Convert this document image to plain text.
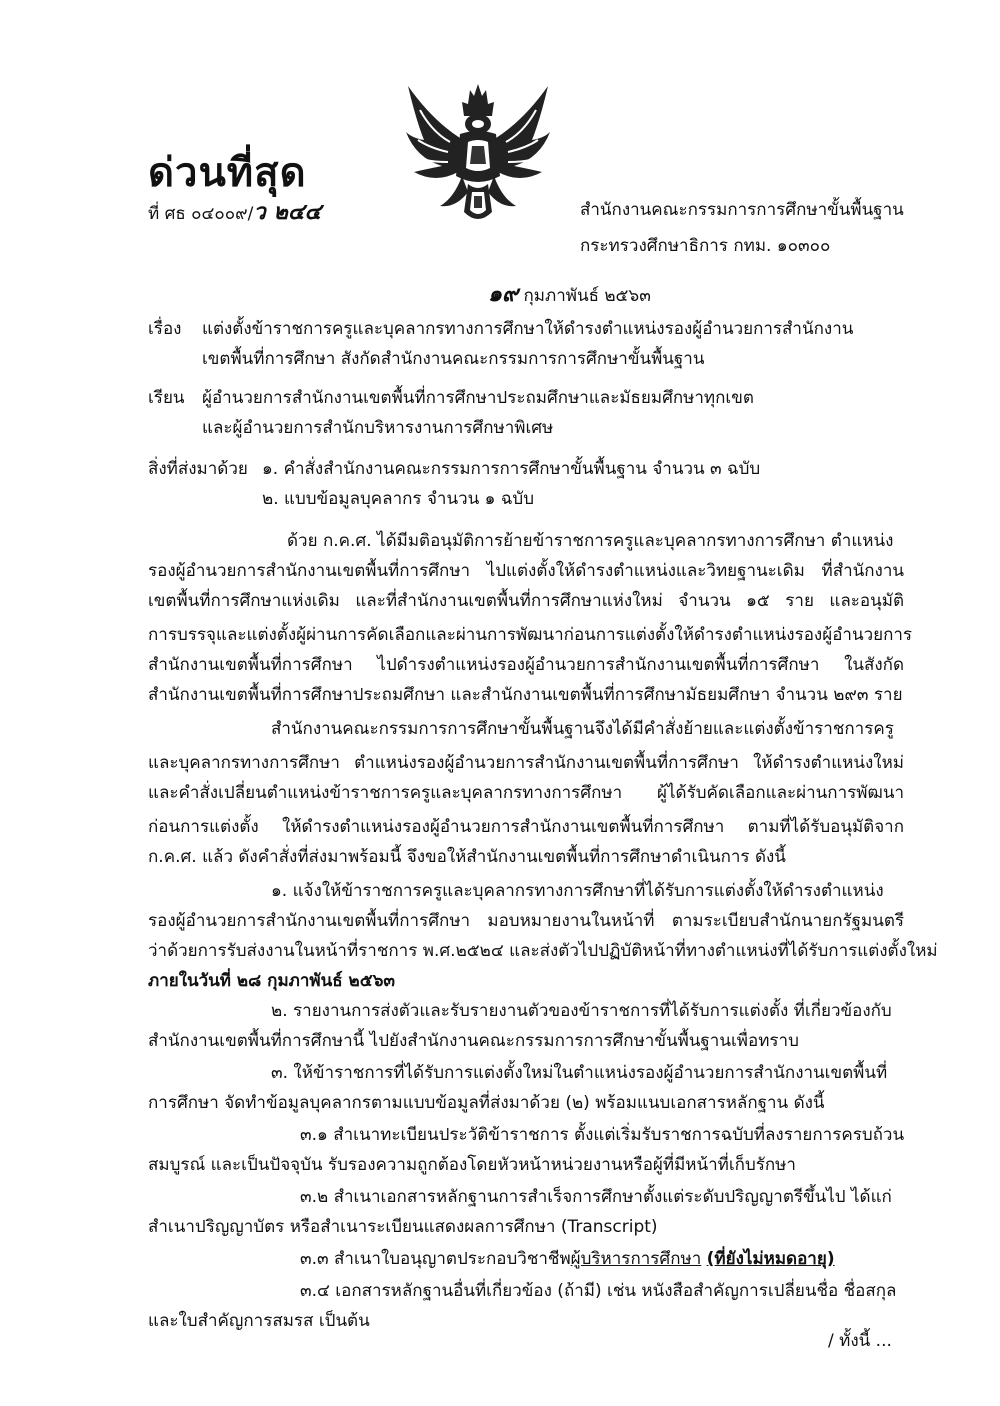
ด่วนที่สุด
ที่ ศธ ๐๔๐๐๙/ว ๒๔๔	สำนักงานคณะกรรมการการศึกษาขั้นพื้นฐาน
กระทรวงศึกษาธิการ กทม. ๑๐๓๐๐
๑๙ กุมภาพันธ์ ๒๕๖๓
เรื่อง แต่งตั้งข้าราชการครูและบุคลากรทางการศึกษาให้ดำรงตำแหน่งรองผู้อำนวยการสำนักงาน
เขตพื้นที่การศึกษา สังกัดสำนักงานคณะกรรมการการศึกษาขั้นพื้นฐาน
เรียน ผู้อำนวยการสำนักงานเขตพื้นที่การศึกษาประถมศึกษาและมัธยมศึกษาทุกเขต
และผู้อำนวยการสำนักบริหารงานการศึกษาพิเศษ
สิ่งที่ส่งมาด้วย ๑. คำสั่งสำนักงานคณะกรรมการการศึกษาขั้นพื้นฐาน จำนวน ๓ ฉบับ
๒. แบบข้อมูลบุคลากร จำนวน ๑ ฉบับ
ด้วย ก.ค.ศ. ได้มีมติอนุมัติการย้ายข้าราชการครูและบุคลากรทางการศึกษา ตำแหน่ง
รองผู้อำนวยการสำนักงานเขตพื้นที่การศึกษา ไปแต่งตั้งให้ดำรงตำแหน่งและวิทยฐานะเดิม ที่สำนักงาน
เขตพื้นที่การศึกษาแห่งเดิม และที่สำนักงานเขตพื้นที่การศึกษาแห่งใหม่ จำนวน ๑๕ ราย และอนุมัติ
การบรรจุและแต่งตั้งผู้ผ่านการคัดเลือกและผ่านการพัฒนาก่อนการแต่งตั้งให้ดำรงตำแหน่งรองผู้อำนวยการ
สำนักงานเขตพื้นที่การศึกษา ไปดำรงตำแหน่งรองผู้อำนวยการสำนักงานเขตพื้นที่การศึกษา ในสังกัด
สำนักงานเขตพื้นที่การศึกษาประถมศึกษา และสำนักงานเขตพื้นที่การศึกษามัธยมศึกษา จำนวน ๒๙๓ ราย
สำนักงานคณะกรรมการการศึกษาขั้นพื้นฐานจึงได้มีคำสั่งย้ายและแต่งตั้งข้าราชการครู
และบุคลากรทางการศึกษา ตำแหน่งรองผู้อำนวยการสำนักงานเขตพื้นที่การศึกษา ให้ดำรงตำแหน่งใหม่
และคำสั่งเปลี่ยนตำแหน่งข้าราชการครูและบุคลากรทางการศึกษา ผู้ได้รับคัดเลือกและผ่านการพัฒนา
ก่อนการแต่งตั้ง ให้ดำรงตำแหน่งรองผู้อำนวยการสำนักงานเขตพื้นที่การศึกษา ตามที่ได้รับอนุมัติจาก
ก.ค.ศ. แล้ว ดังคำสั่งที่ส่งมาพร้อมนี้ จึงขอให้สำนักงานเขตพื้นที่การศึกษาดำเนินการ ดังนี้
๑. แจ้งให้ข้าราชการครูและบุคลากรทางการศึกษาที่ได้รับการแต่งตั้งให้ดำรงตำแหน่ง
รองผู้อำนวยการสำนักงานเขตพื้นที่การศึกษา มอบหมายงานในหน้าที่ ตามระเบียบสำนักนายกรัฐมนตรี
ว่าด้วยการรับส่งงานในหน้าที่ราชการ พ.ศ.๒๕๒๔ และส่งตัวไปปฏิบัติหน้าที่ทางตำแหน่งที่ได้รับการแต่งตั้งใหม่
ภายในวันที่ ๒๘ กุมภาพันธ์ ๒๕๖๓
๒. รายงานการส่งตัวและรับรายงานตัวของข้าราชการที่ได้รับการแต่งตั้ง ที่เกี่ยวข้องกับ
สำนักงานเขตพื้นที่การศึกษานี้ ไปยังสำนักงานคณะกรรมการการศึกษาขั้นพื้นฐานเพื่อทราบ
๓. ให้ข้าราชการที่ได้รับการแต่งตั้งใหม่ในตำแหน่งรองผู้อำนวยการสำนักงานเขตพื้นที่
การศึกษา จัดทำข้อมูลบุคลากรตามแบบข้อมูลที่ส่งมาด้วย (๒) พร้อมแนบเอกสารหลักฐาน ดังนี้
๓.๑ สำเนาทะเบียนประวัติข้าราชการ ตั้งแต่เริ่มรับราชการฉบับที่ลงรายการครบถ้วน
สมบูรณ์ และเป็นปัจจุบัน รับรองความถูกต้องโดยหัวหน้าหน่วยงานหรือผู้ที่มีหน้าที่เก็บรักษา
๓.๒ สำเนาเอกสารหลักฐานการสำเร็จการศึกษาตั้งแต่ระดับปริญญาตรีขึ้นไป ได้แก่
สำเนาปริญญาบัตร หรือสำเนาระเบียนแสดงผลการศึกษา (Transcript)
๓.๓ สำเนาใบอนุญาตประกอบวิชาชีพผู้บริหารการศึกษา (ที่ยังไม่หมดอายุ)
๓.๔ เอกสารหลักฐานอื่นที่เกี่ยวข้อง (ถ้ามี) เช่น หนังสือสำคัญการเปลี่ยนชื่อ ชื่อสกุล
และใบสำคัญการสมรส เป็นต้น
/ ทั้งนี้ ...
